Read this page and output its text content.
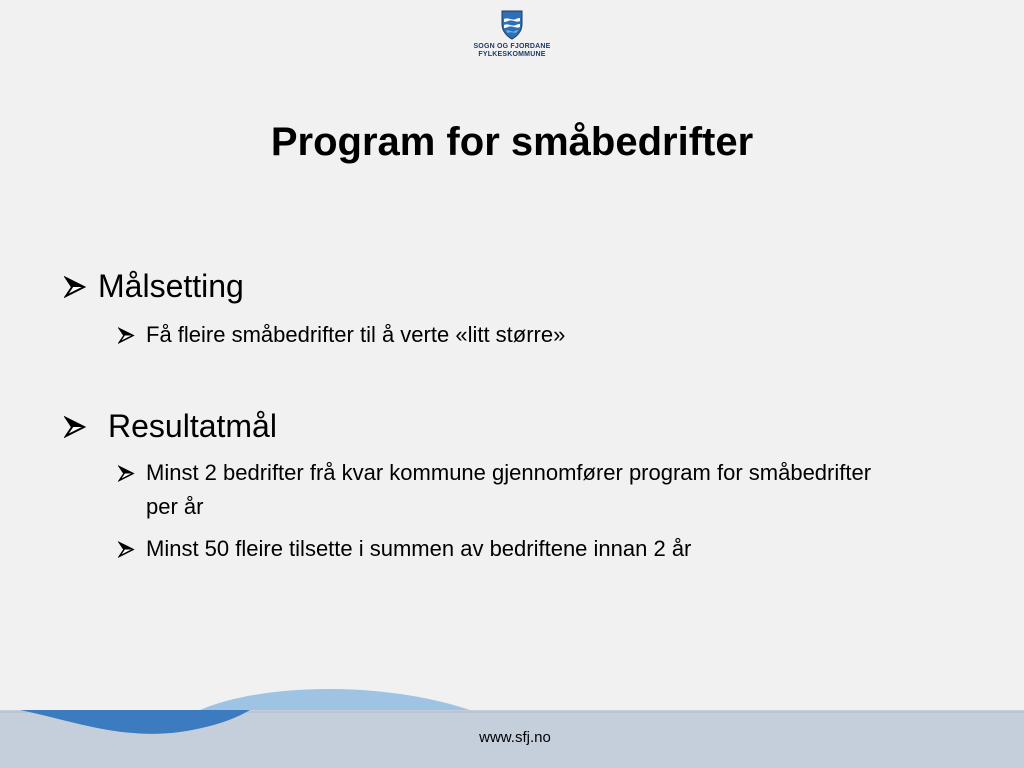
SOGN OG FJORDANE
FYLKESKOMMUNE
Program for småbedrifter
Målsetting
Få fleire småbedrifter til å verte «litt større»
Resultatmål
Minst 2 bedrifter frå kvar kommune gjennomfører program for småbedrifter per år
Minst 50 fleire tilsette i summen av bedriftene innan 2 år
www.sfj.no
